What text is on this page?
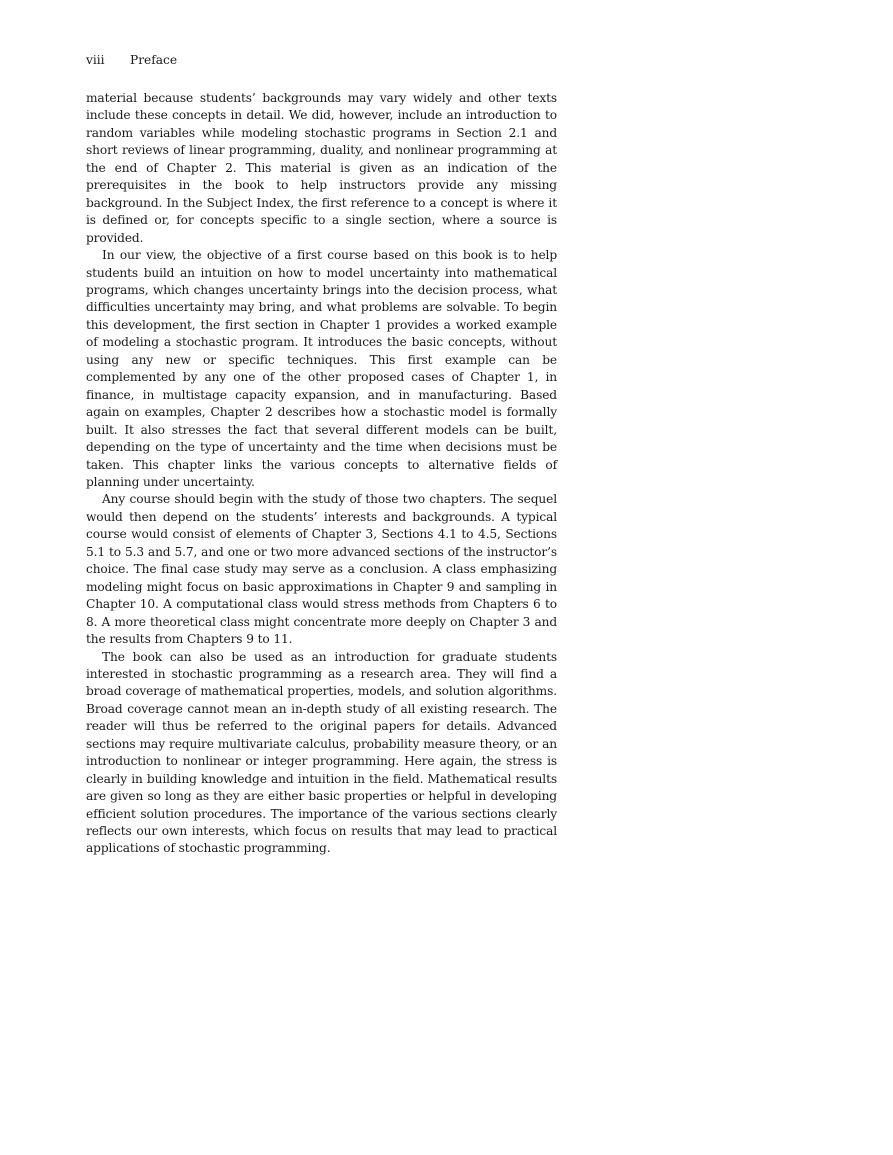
viii Preface

material because students’ backgrounds may vary widely and other texts include these concepts in detail. We did, however, include an introduction to random variables while modeling stochastic programs in Section 2.1 and short reviews of linear programming, duality, and nonlinear programming at the end of Chapter 2. This material is given as an indication of the prerequisites in the book to help instructors provide any missing background. In the Subject Index, the first reference to a concept is where it is defined or, for concepts specific to a single section, where a source is provided.

In our view, the objective of a first course based on this book is to help students build an intuition on how to model uncertainty into mathematical programs, which changes uncertainty brings into the decision process, what difficulties uncertainty may bring, and what problems are solvable. To begin this development, the first section in Chapter 1 provides a worked example of modeling a stochastic program. It introduces the basic concepts, without using any new or specific techniques. This first example can be complemented by any one of the other proposed cases of Chapter 1, in finance, in multistage capacity expansion, and in manufacturing. Based again on examples, Chapter 2 describes how a stochastic model is formally built. It also stresses the fact that several different models can be built, depending on the type of uncertainty and the time when decisions must be taken. This chapter links the various concepts to alternative fields of planning under uncertainty.

Any course should begin with the study of those two chapters. The sequel would then depend on the students’ interests and backgrounds. A typical course would consist of elements of Chapter 3, Sections 4.1 to 4.5, Sections 5.1 to 5.3 and 5.7, and one or two more advanced sections of the instructor’s choice. The final case study may serve as a conclusion. A class emphasizing modeling might focus on basic approximations in Chapter 9 and sampling in Chapter 10. A computational class would stress methods from Chapters 6 to 8. A more theoretical class might concentrate more deeply on Chapter 3 and the results from Chapters 9 to 11.

The book can also be used as an introduction for graduate students interested in stochastic programming as a research area. They will find a broad coverage of mathematical properties, models, and solution algorithms. Broad coverage cannot mean an in-depth study of all existing research. The reader will thus be referred to the original papers for details. Advanced sections may require multivariate calculus, probability measure theory, or an introduction to nonlinear or integer programming. Here again, the stress is clearly in building knowledge and intuition in the field. Mathematical results are given so long as they are either basic properties or helpful in developing efficient solution procedures. The importance of the various sections clearly reflects our own interests, which focus on results that may lead to practical applications of stochastic programming.
